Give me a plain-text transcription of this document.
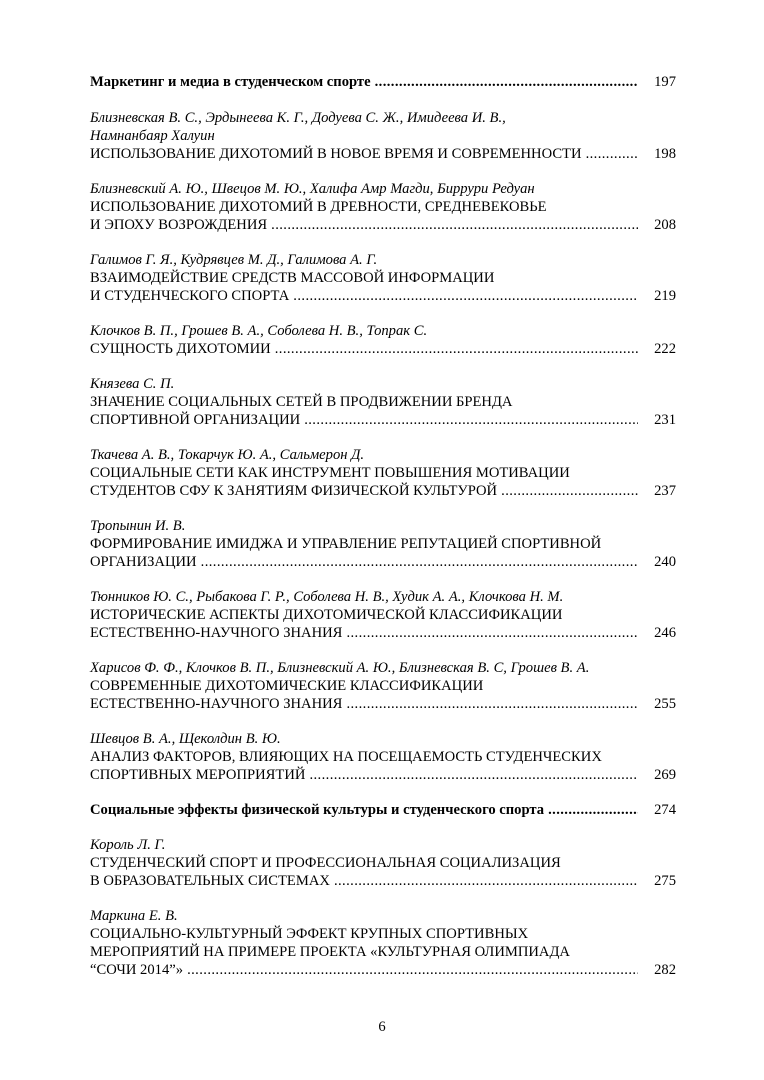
Маркетинг и медиа в студенческом спорте .....	197
Близневская В. С., Эрдынеева К. Г., Додуева С. Ж., Имидеева И. В.,
Намнанбаяр Халуин
ИСПОЛЬЗОВАНИЕ ДИХОТОМИЙ В НОВОЕ ВРЕМЯ И СОВРЕМЕННОСТИ .....	198
Близневский А. Ю., Швецов М. Ю., Халифа Амр Магди, Биррури Редуан
ИСПОЛЬЗОВАНИЕ ДИХОТОМИЙ В ДРЕВНОСТИ, СРЕДНЕВЕКОВЬЕ
И ЭПОХУ ВОЗРОЖДЕНИЯ .....	208
Галимов Г. Я., Кудрявцев М. Д., Галимова А. Г.
ВЗАИМОДЕЙСТВИЕ СРЕДСТВ МАССОВОЙ ИНФОРМАЦИИ
И СТУДЕНЧЕСКОГО СПОРТА .....	219
Клочков В. П., Грошев В. А., Соболева Н. В., Топрак С.
СУЩНОСТЬ ДИХОТОМИИ .....	222
Князева С. П.
ЗНАЧЕНИЕ СОЦИАЛЬНЫХ СЕТЕЙ В ПРОДВИЖЕНИИ БРЕНДА
СПОРТИВНОЙ ОРГАНИЗАЦИИ .....	231
Ткачева А. В., Токарчук Ю. А., Сальмерон Д.
СОЦИАЛЬНЫЕ СЕТИ КАК ИНСТРУМЕНТ ПОВЫШЕНИЯ МОТИВАЦИИ
СТУДЕНТОВ СФУ К ЗАНЯТИЯМ ФИЗИЧЕСКОЙ КУЛЬТУРОЙ .....	237
Тропынин И. В.
ФОРМИРОВАНИЕ ИМИДЖА И УПРАВЛЕНИЕ РЕПУТАЦИЕЙ СПОРТИВНОЙ
ОРГАНИЗАЦИИ .....	240
Тюнников Ю. С., Рыбакова Г. Р., Соболева Н. В., Худик А. А., Клочкова Н. М.
ИСТОРИЧЕСКИЕ АСПЕКТЫ ДИХОТОМИЧЕСКОЙ КЛАССИФИКАЦИИ
ЕСТЕСТВЕННО-НАУЧНОГО ЗНАНИЯ .....	246
Харисов Ф. Ф., Клочков В. П., Близневский А. Ю., Близневская В. С, Грошев В. А.
СОВРЕМЕННЫЕ ДИХОТОМИЧЕСКИЕ КЛАССИФИКАЦИИ
ЕСТЕСТВЕННО-НАУЧНОГО ЗНАНИЯ .....	255
Шевцов В. А., Щеколдин В. Ю.
АНАЛИЗ ФАКТОРОВ, ВЛИЯЮЩИХ НА ПОСЕЩАЕМОСТЬ СТУДЕНЧЕСКИХ
СПОРТИВНЫХ МЕРОПРИЯТИЙ .....	269
Социальные эффекты физической культуры и студенческого спорта .....	274
Король Л. Г.
СТУДЕНЧЕСКИЙ СПОРТ И ПРОФЕССИОНАЛЬНАЯ СОЦИАЛИЗАЦИЯ
В ОБРАЗОВАТЕЛЬНЫХ СИСТЕМАХ .....	275
Маркина Е. В.
СОЦИАЛЬНО-КУЛЬТУРНЫЙ ЭФФЕКТ КРУПНЫХ СПОРТИВНЫХ
МЕРОПРИЯТИЙ НА ПРИМЕРЕ ПРОЕКТА «КУЛЬТУРНАЯ ОЛИМПИАДА
“СОЧИ 2014”» .....	282
6
